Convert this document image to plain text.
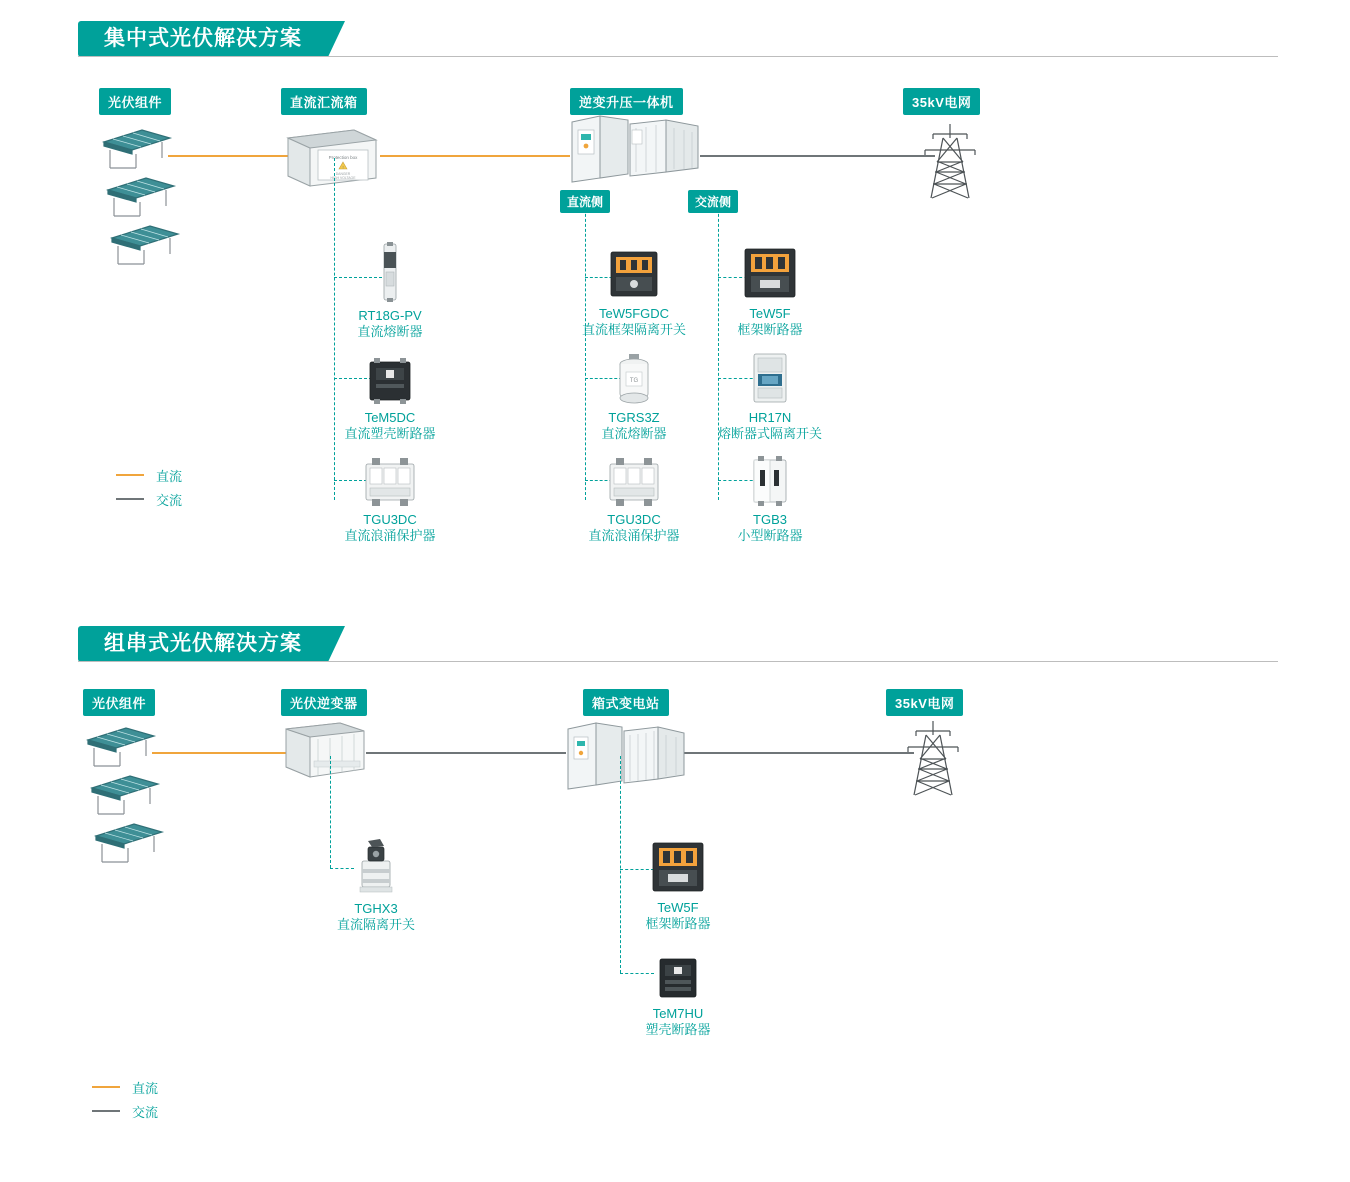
集中式光伏解决方案
光伏组件	直流汇流箱	逆变升压一体机	35kV电网
Protection box
!
DANGER
HIGH VOLTAGE
直流侧	交流侧
RT18G-PV
直流熔断器
TeM5DC
直流塑壳断路器
TGU3DC
直流浪涌保护器
TeW5FGDC
直流框架隔离开关
TG
TGRS3Z
直流熔断器
TGU3DC
直流浪涌保护器
TeW5F
框架断路器
HR17N
熔断器式隔离开关
TGB3
小型断路器
直流
交流
组串式光伏解决方案
光伏组件	光伏逆变器	箱式变电站	35kV电网
TGHX3
直流隔离开关
TeW5F
框架断路器
TeM7HU
塑壳断路器
直流
交流
